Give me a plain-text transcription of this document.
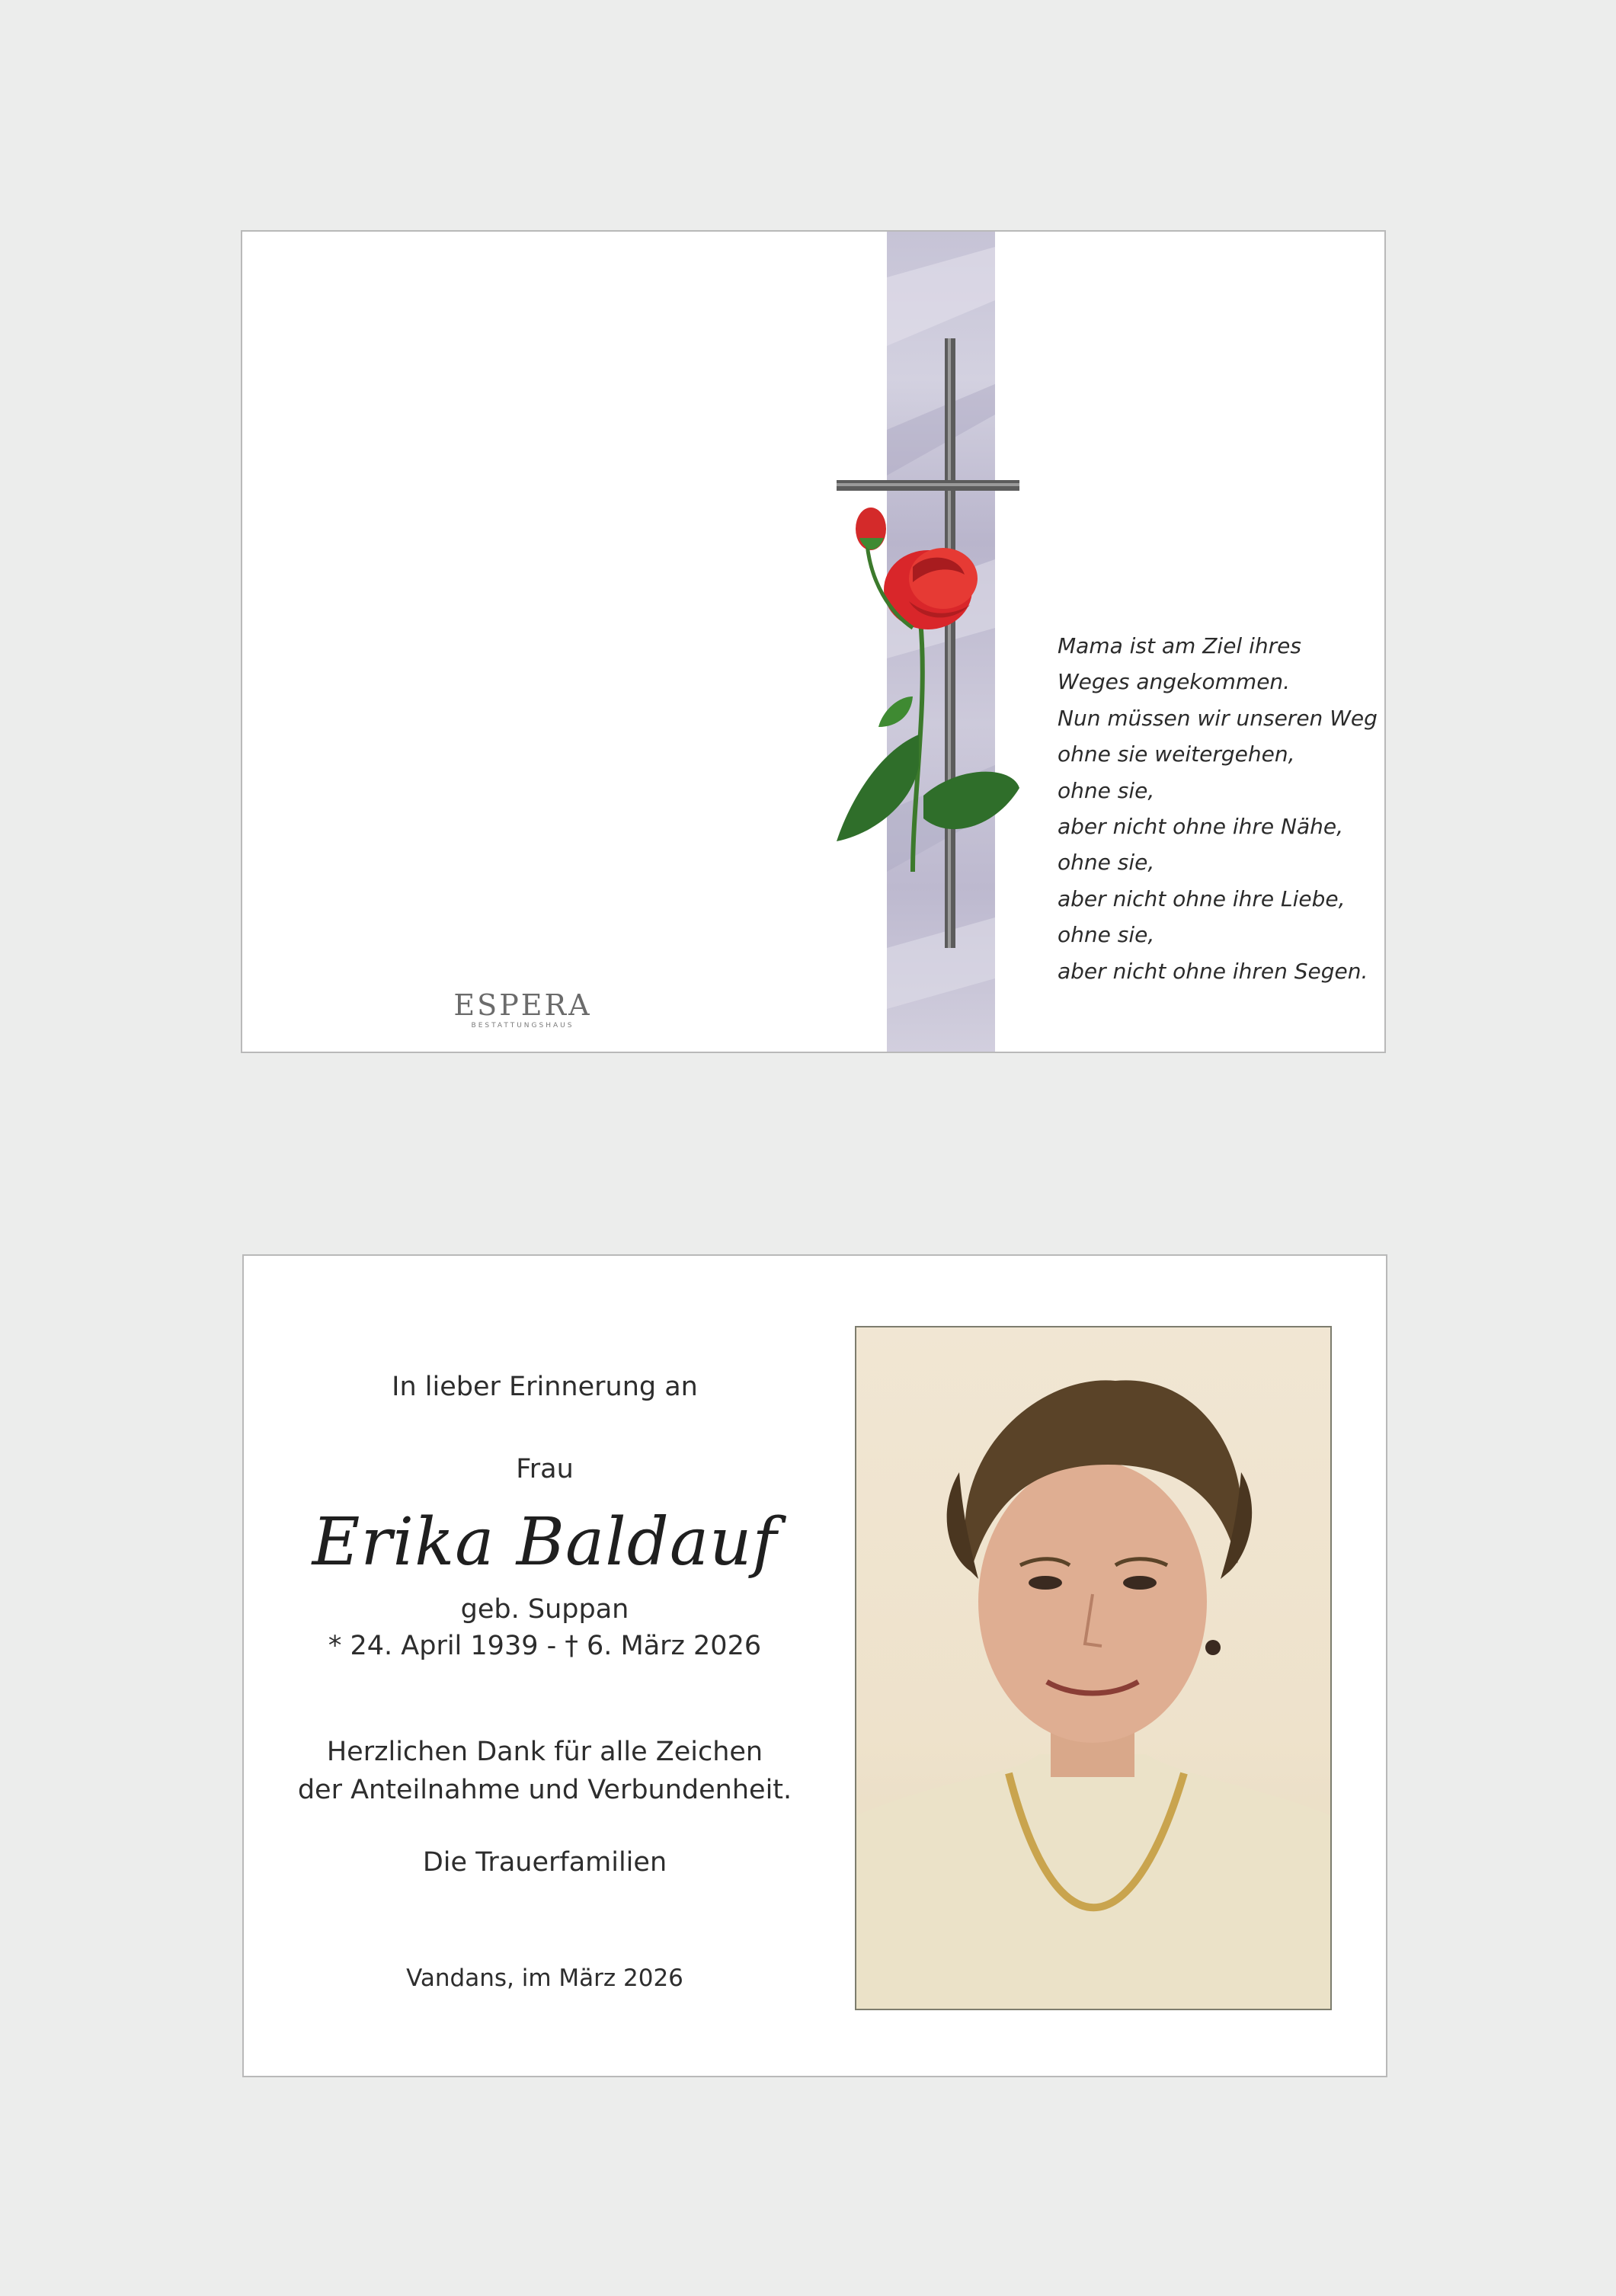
Mama ist am Ziel ihres
Weges angekommen.
Nun müssen wir unseren Weg
ohne sie weitergehen,
ohne sie,
aber nicht ohne ihre Nähe,
ohne sie,
aber nicht ohne ihre Liebe,
ohne sie,
aber nicht ohne ihren Segen.
ESPERA
BESTATTUNGSHAUS
In lieber Erinnerung an
Frau
Erika Baldauf
geb. Suppan
* 24. April 1939 - † 6. März 2026
Herzlichen Dank für alle Zeichen
der Anteilnahme und Verbundenheit.
Die Trauerfamilien
Vandans, im März 2026
